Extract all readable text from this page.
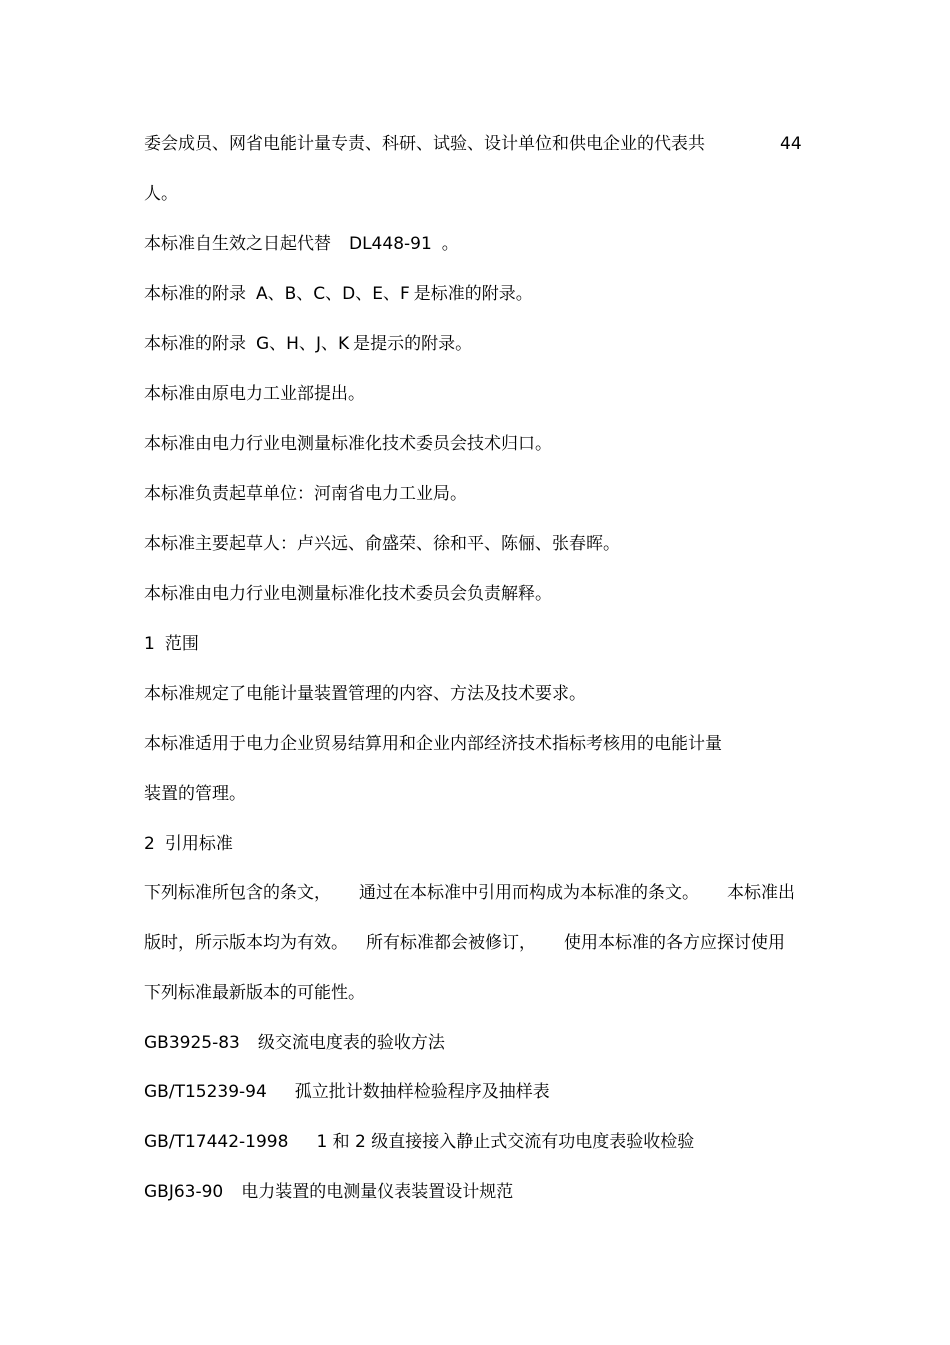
委会成员、网省电能计量专责、科研、试验、设计单位和供电企业的代表共	44
人。
本标准自生效之日起代替 DL448-91 。
本标准的附录 A、B、C、D、E、F 是标准的附录。
本标准的附录 G、H、J、K 是提示的附录。
本标准由原电力工业部提出。
本标准由电力行业电测量标准化技术委员会技术归口。
本标准负责起草单位：河南省电力工业局。
本标准主要起草人：卢兴远、俞盛荣、徐和平、陈俪、张春晖。
本标准由电力行业电测量标准化技术委员会负责解释。
1 范围
本标准规定了电能计量装置管理的内容、方法及技术要求。
本标准适用于电力企业贸易结算用和企业内部经济技术指标考核用的电能计量
装置的管理。
2 引用标准
下列标准所包含的条文， 通过在本标准中引用而构成为本标准的条文。 本标准出
版时，所示版本均为有效。 所有标准都会被修订， 使用本标准的各方应探讨使用
下列标准最新版本的可能性。
GB3925-83 级交流电度表的验收方法
GB/T15239-94 孤立批计数抽样检验程序及抽样表
GB/T17442-1998 1 和 2 级直接接入静止式交流有功电度表验收检验
GBJ63-90 电力装置的电测量仪表装置设计规范
